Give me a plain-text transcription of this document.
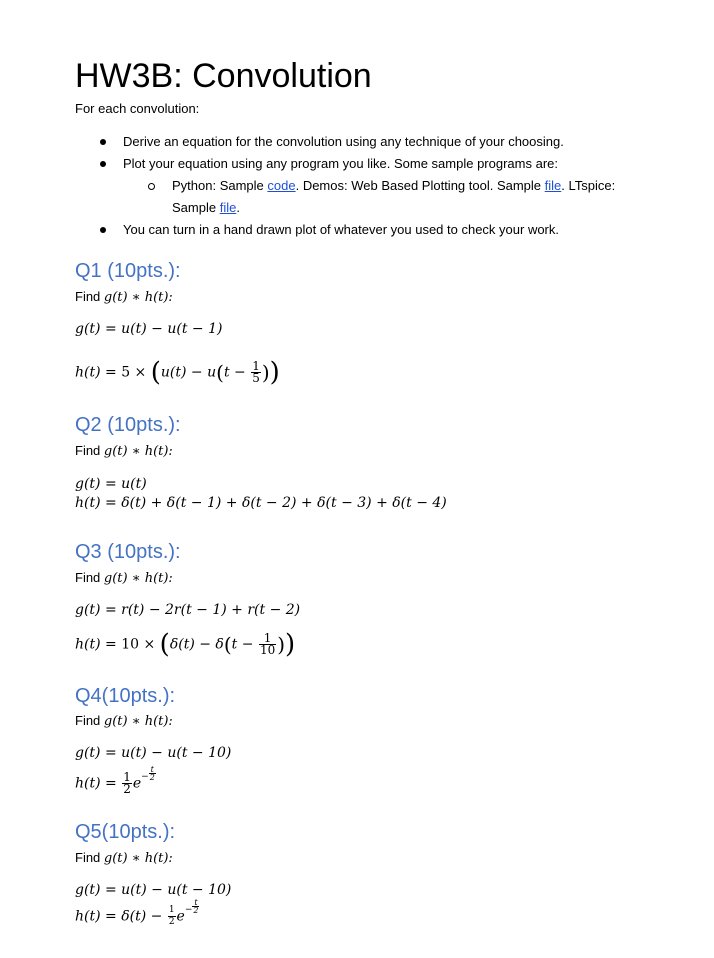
HW3B: Convolution
For each convolution:
Derive an equation for the convolution using any technique of your choosing.
Plot your equation using any program you like. Some sample programs are:
Python: Sample code. Demos: Web Based Plotting tool. Sample file. LTspice:
Sample file.
You can turn in a hand drawn plot of whatever you used to check your work.
Q1 (10pts.):
Find g(t) ∗ h(t):
g(t) = u(t) − u(t − 1)
$h(t) = 5 \times (u(t) - u(t - \frac{1}{5}$ ))
Q2 (10pts.):
Find g(t) ∗ h(t):
g(t) = u(t)
h(t) = δ(t) + δ(t − 1) + δ(t − 2) + δ(t − 3) + δ(t − 4)
Q3 (10pts.):
Find g(t) ∗ h(t):
g(t) = r(t) − 2r(t − 1) + r(t − 2)
$h(t) = 10 \times (\delta(t) - \delta(t - \frac{1}{10}$ ))
Q4(10pts.):
Find g(t) ∗ h(t):
g(t) = u(t) − u(t − 10)
$h(t) = \frac{1}{2} e^- \frac{t}{2}$
Q5(10pts.):
Find g(t) ∗ h(t):
g(t) = u(t) − u(t − 10)
$h(t) = \delta(t) - \frac{1}{2} e^- \frac{t}{2}$
